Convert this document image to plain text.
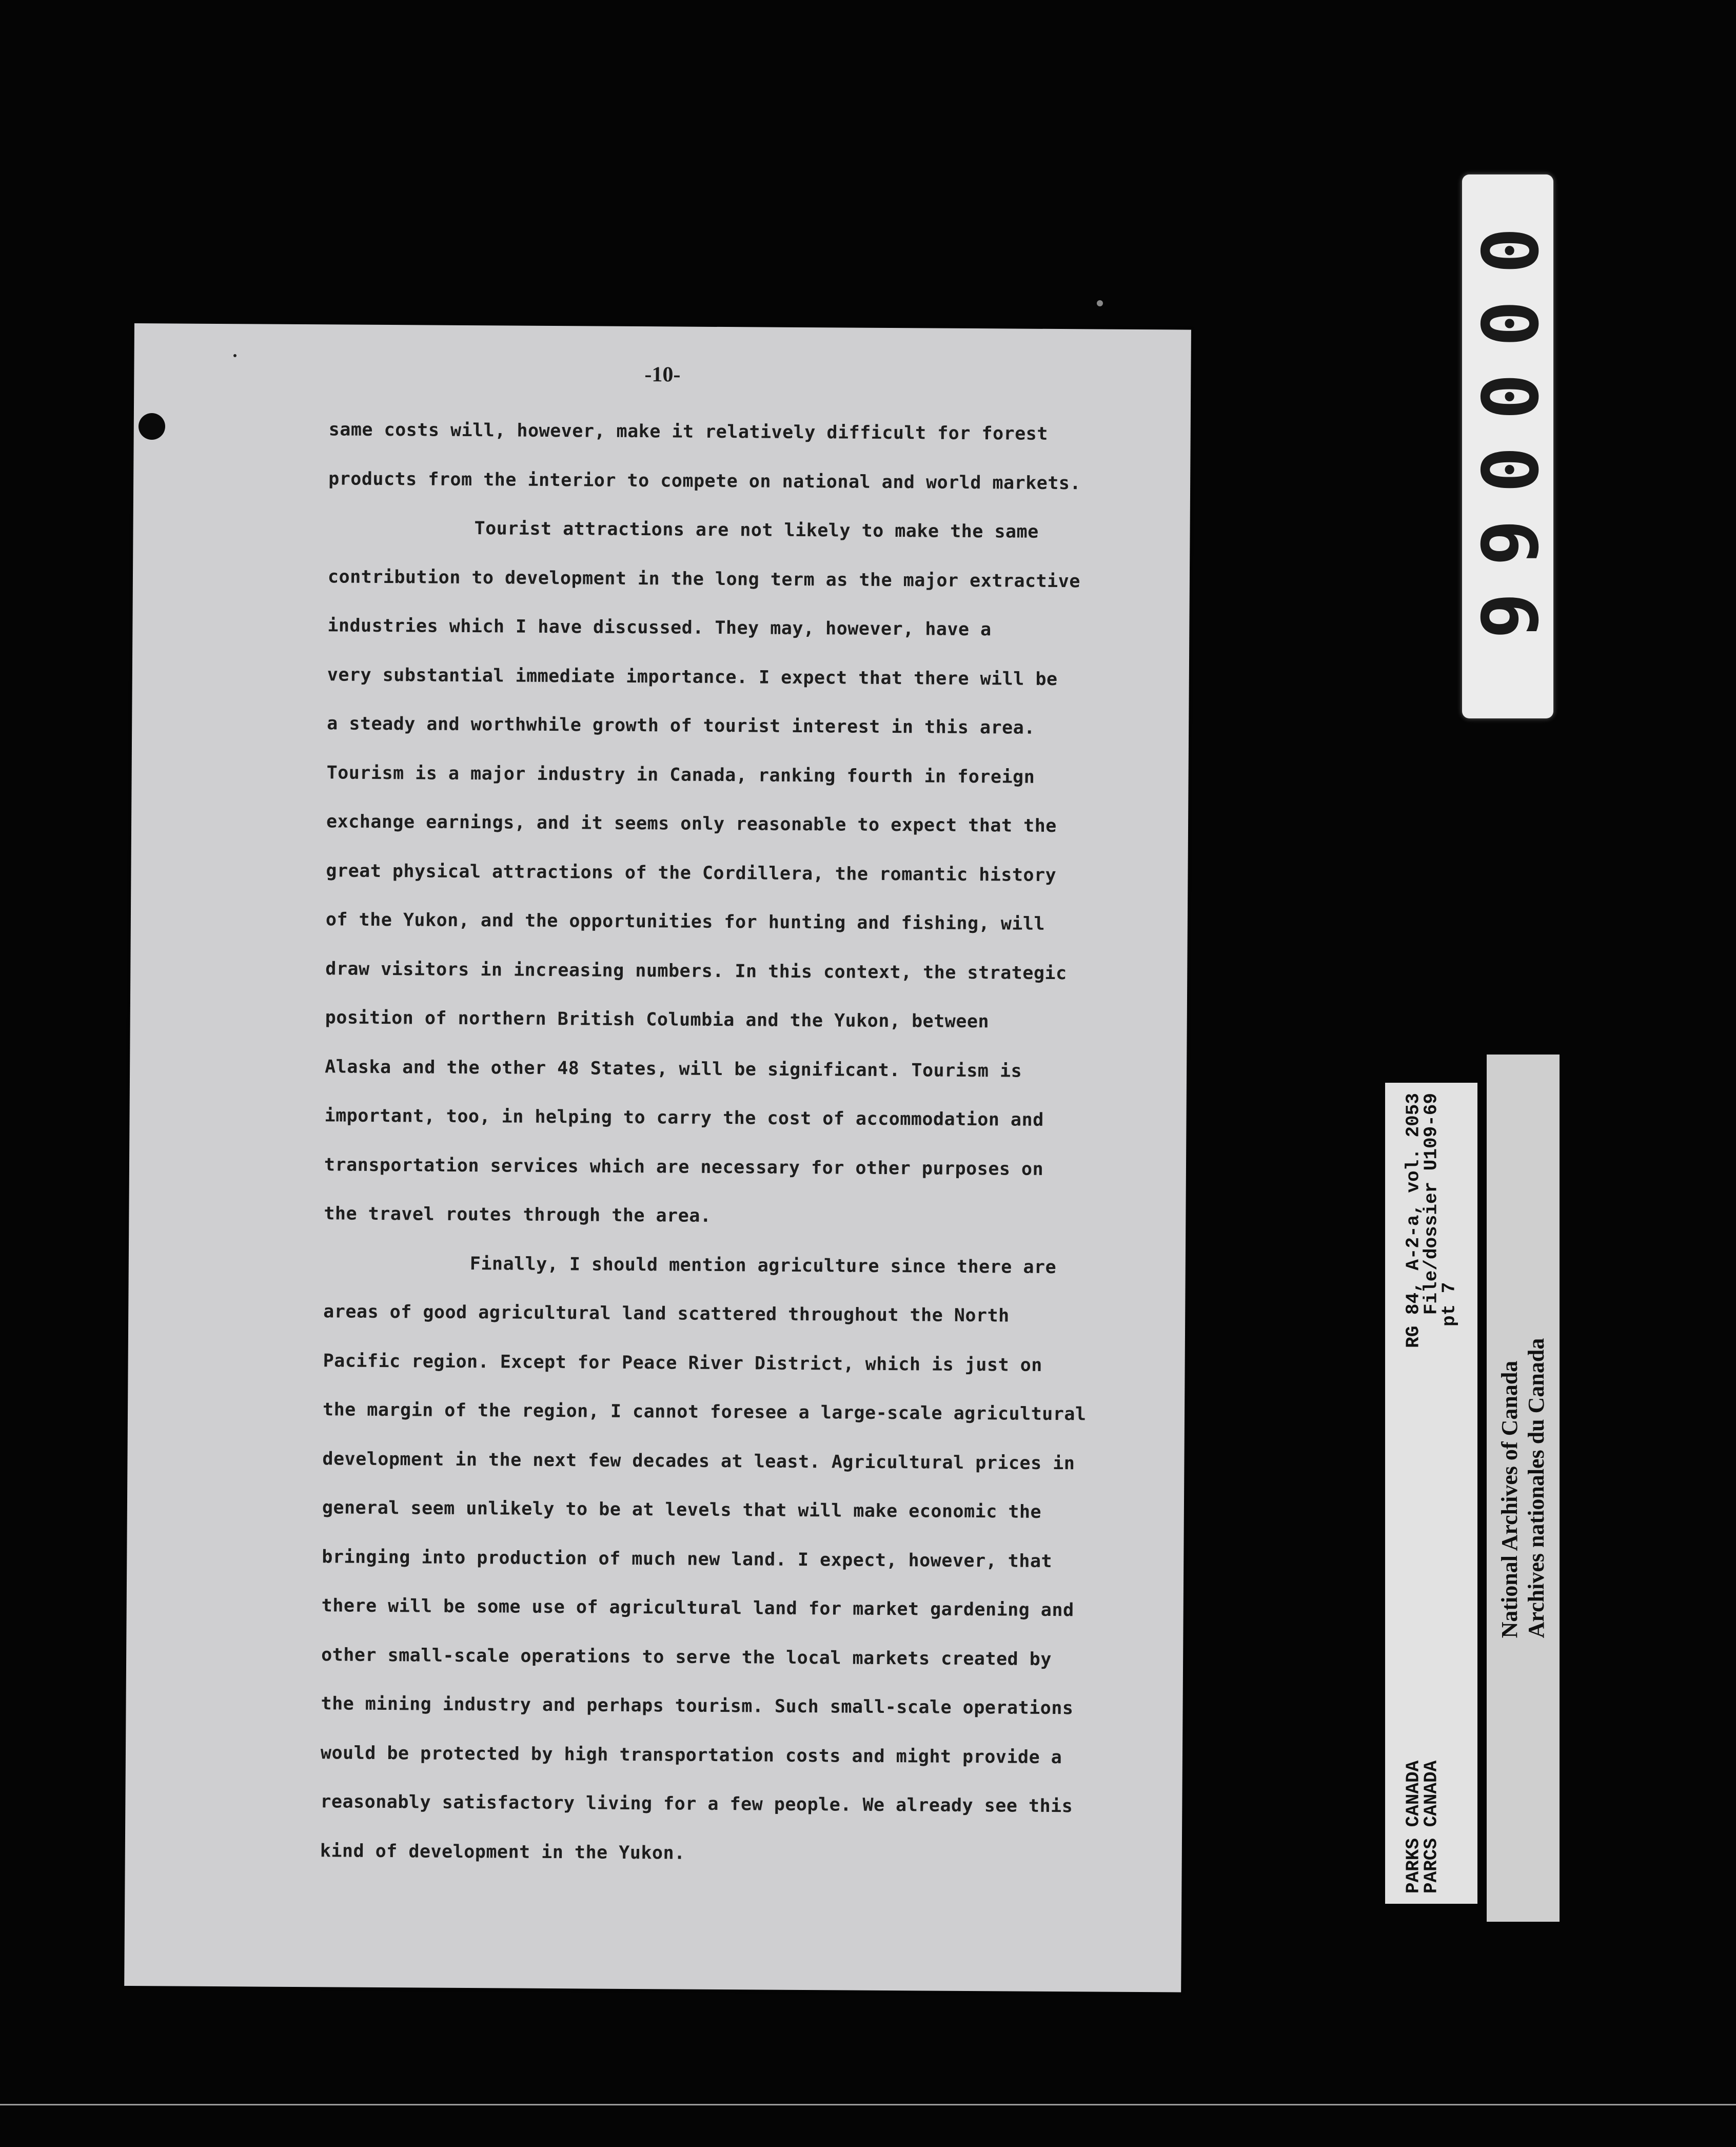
-10-
same costs will, however, make it relatively difficult for forest
products from the interior to compete on national and world markets.
Tourist attractions are not likely to make the same
contribution to development in the long term as the major extractive
industries which I have discussed. They may, however, have a
very substantial immediate importance. I expect that there will be
a steady and worthwhile growth of tourist interest in this area.
Tourism is a major industry in Canada, ranking fourth in foreign
exchange earnings, and it seems only reasonable to expect that the
great physical attractions of the Cordillera, the romantic history
of the Yukon, and the opportunities for hunting and fishing, will
draw visitors in increasing numbers. In this context, the strategic
position of northern British Columbia and the Yukon, between
Alaska and the other 48 States, will be significant. Tourism is
important, too, in helping to carry the cost of accommodation and
transportation services which are necessary for other purposes on
the travel routes through the area.
Finally, I should mention agriculture since there are
areas of good agricultural land scattered throughout the North
Pacific region. Except for Peace River District, which is just on
the margin of the region, I cannot foresee a large-scale agricultural
development in the next few decades at least. Agricultural prices in
general seem unlikely to be at levels that will make economic the
bringing into production of much new land. I expect, however, that
there will be some use of agricultural land for market gardening and
other small-scale operations to serve the local markets created by
the mining industry and perhaps tourism. Such small-scale operations
would be protected by high transportation costs and might provide a
reasonably satisfactory living for a few people. We already see this
kind of development in the Yukon.
000066
PARKS CANADA
RG 84, A-2-a, vol. 2053
PARCS CANADA
File/dossier U109-69
pt 7
National Archives of Canada Archives nationales du Canada
